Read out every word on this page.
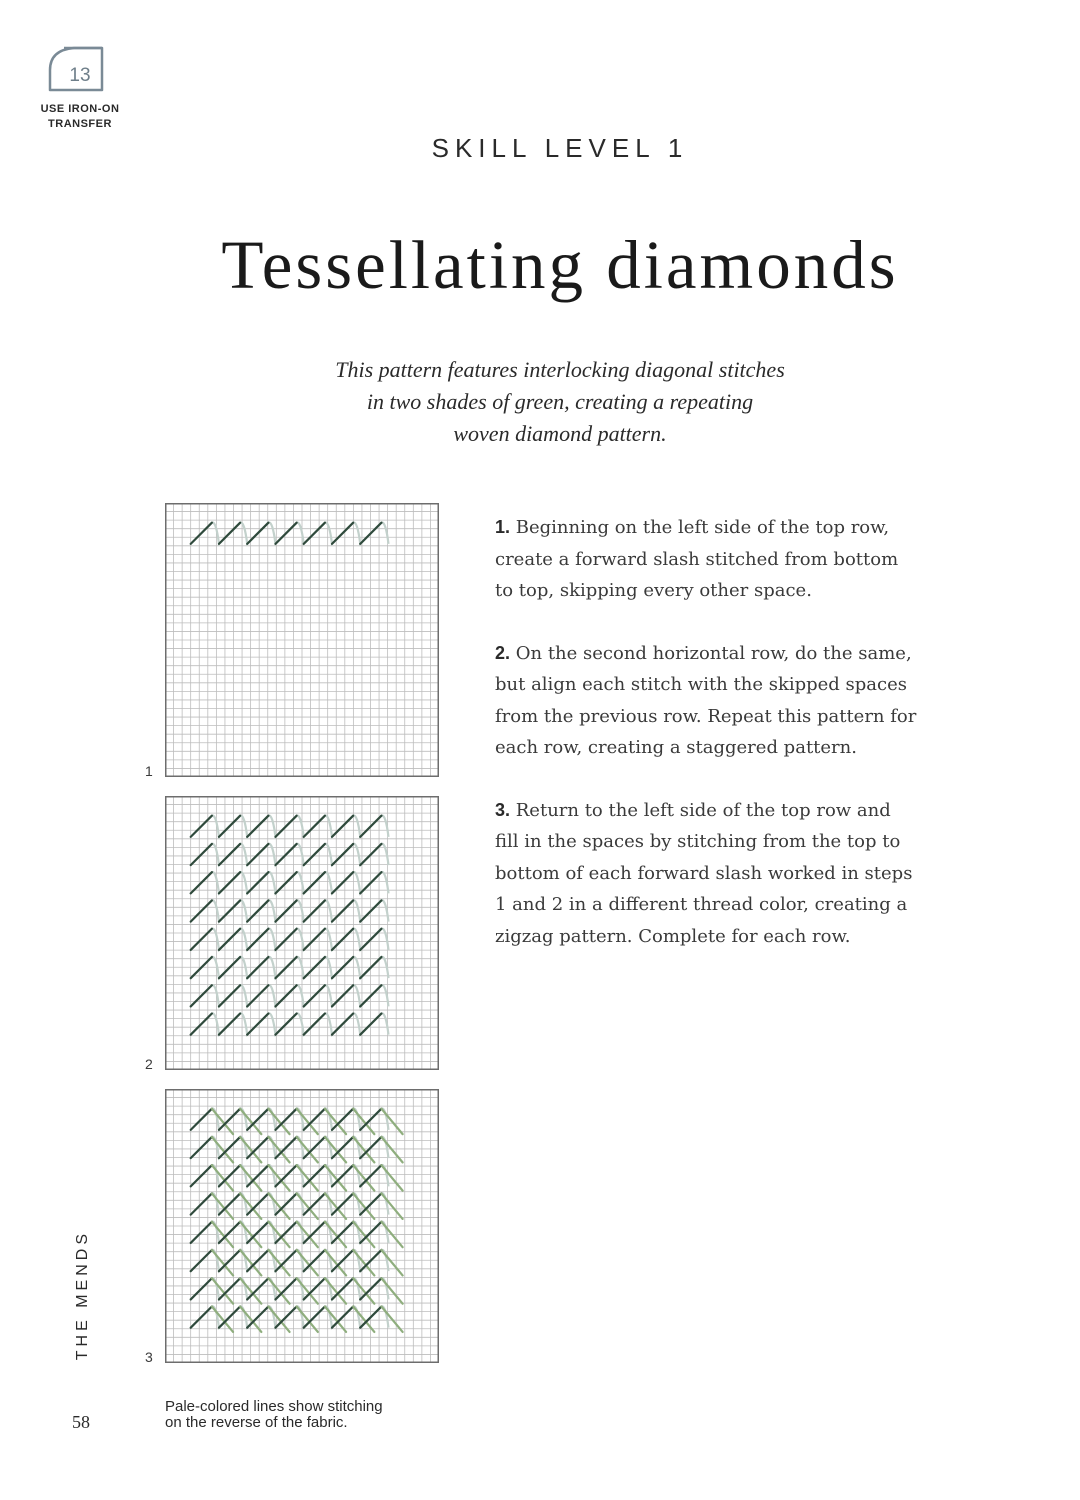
13
USE IRON-ON
TRANSFER
SKILL LEVEL 1
Tessellating diamonds
This pattern features interlocking diagonal stitches
in two shades of green, creating a repeating
woven diamond pattern.
1. Beginning on the left side of the top row,
create a forward slash stitched from bottom
to top, skipping every other space.
2. On the second horizontal row, do the same,
but align each stitch with the skipped spaces
from the previous row. Repeat this pattern for
each row, creating a staggered pattern.
3. Return to the left side of the top row and
fill in the spaces by stitching from the top to
bottom of each forward slash worked in steps
1 and 2 in a different thread color, creating a
zigzag pattern. Complete for each row.
1
2
3
Pale-colored lines show stitching
on the reverse of the fabric.
THE MENDS
58
